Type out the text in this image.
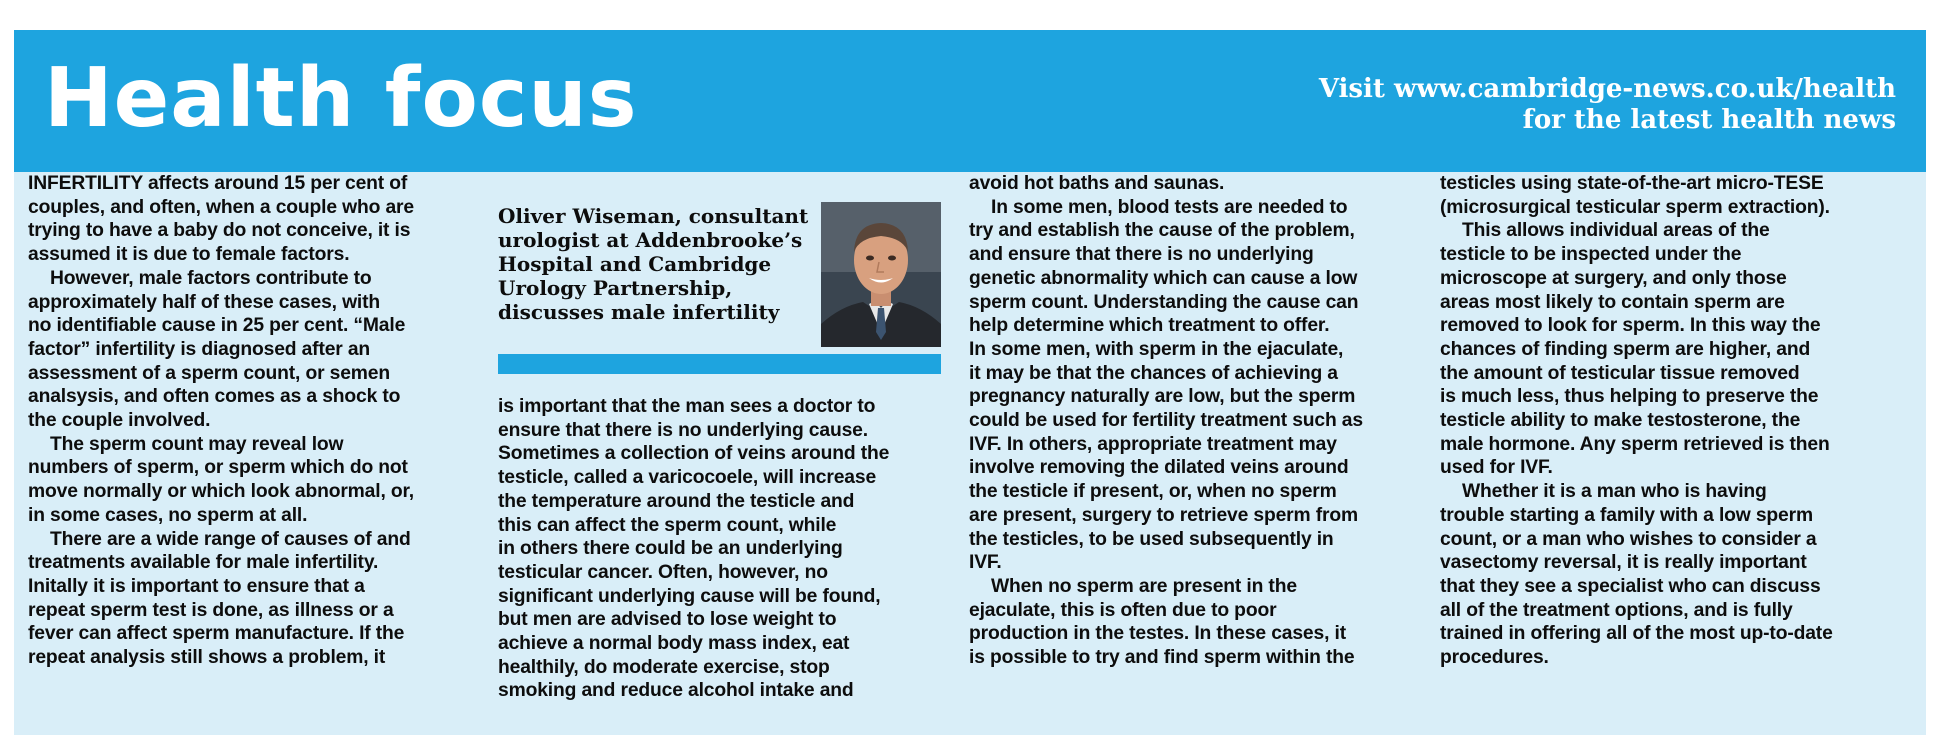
Health focus	Visit www.cambridge-news.co.uk/health
for the latest health news
INFERTILITY affects around 15 per cent of
couples, and often, when a couple who are
trying to have a baby do not conceive, it is
assumed it is due to female factors.
However, male factors contribute to
approximately half of these cases, with
no identifiable cause in 25 per cent. “Male
factor” infertility is diagnosed after an
assessment of a sperm count, or semen
analsysis, and often comes as a shock to
the couple involved.
The sperm count may reveal low
numbers of sperm, or sperm which do not
move normally or which look abnormal, or,
in some cases, no sperm at all.
There are a wide range of causes of and
treatments available for male infertility.
Initally it is important to ensure that a
repeat sperm test is done, as illness or a
fever can affect sperm manufacture. If the
repeat analysis still shows a problem, it
Oliver Wiseman, consultant
urologist at Addenbrooke’s
Hospital and Cambridge
Urology Partnership,
discusses male infertility
is important that the man sees a doctor to
ensure that there is no underlying cause.
Sometimes a collection of veins around the
testicle, called a varicocoele, will increase
the temperature around the testicle and
this can affect the sperm count, while
in others there could be an underlying
testicular cancer. Often, however, no
significant underlying cause will be found,
but men are advised to lose weight to
achieve a normal body mass index, eat
healthily, do moderate exercise, stop
smoking and reduce alcohol intake and
avoid hot baths and saunas.
In some men, blood tests are needed to
try and establish the cause of the problem,
and ensure that there is no underlying
genetic abnormality which can cause a low
sperm count. Understanding the cause can
help determine which treatment to offer.
In some men, with sperm in the ejaculate,
it may be that the chances of achieving a
pregnancy naturally are low, but the sperm
could be used for fertility treatment such as
IVF. In others, appropriate treatment may
involve removing the dilated veins around
the testicle if present, or, when no sperm
are present, surgery to retrieve sperm from
the testicles, to be used subsequently in
IVF.
When no sperm are present in the
ejaculate, this is often due to poor
production in the testes. In these cases, it
is possible to try and find sperm within the
testicles using state-of-the-art micro-TESE
(microsurgical testicular sperm extraction).
This allows individual areas of the
testicle to be inspected under the
microscope at surgery, and only those
areas most likely to contain sperm are
removed to look for sperm. In this way the
chances of finding sperm are higher, and
the amount of testicular tissue removed
is much less, thus helping to preserve the
testicle ability to make testosterone, the
male hormone. Any sperm retrieved is then
used for IVF.
Whether it is a man who is having
trouble starting a family with a low sperm
count, or a man who wishes to consider a
vasectomy reversal, it is really important
that they see a specialist who can discuss
all of the treatment options, and is fully
trained in offering all of the most up-to-date
procedures.
